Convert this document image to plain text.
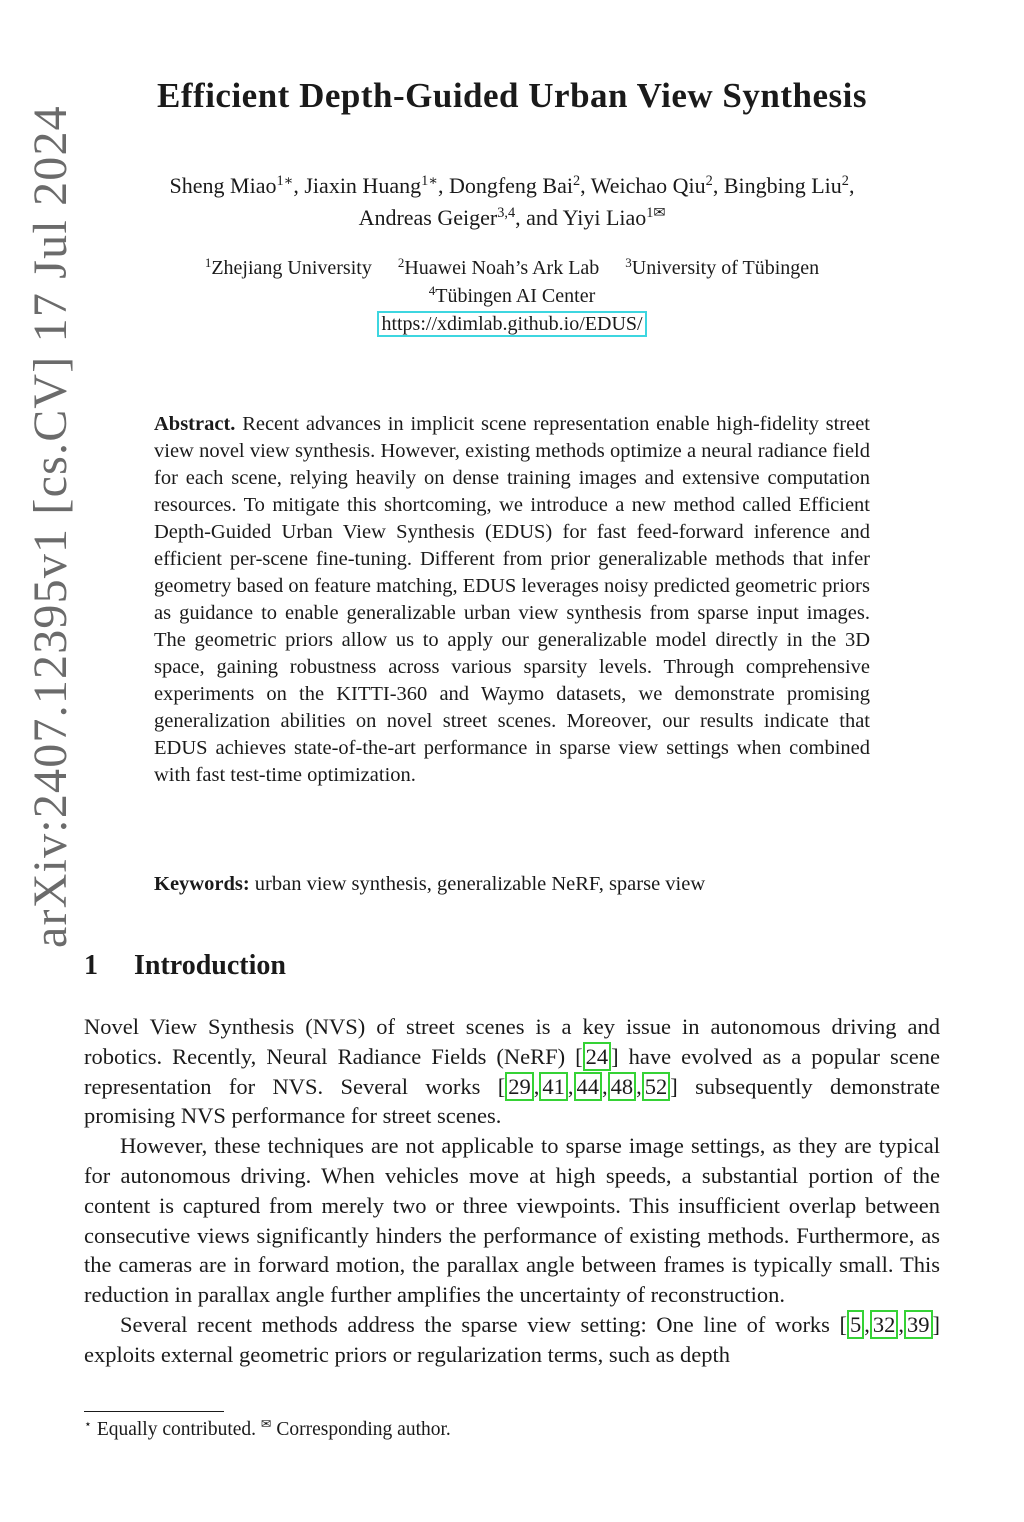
arXiv:2407.12395v1 [cs.CV] 17 Jul 2024
Efficient Depth-Guided Urban View Synthesis
Sheng Miao$^{1∗}$, Jiaxin Huang$^{1∗}$, Dongfeng Bai$^2$, Weichao Qiu$^2$, Bingbing Liu$^2$,
Andreas Geiger$^{3,4}$, and Yiyi Liao$^{1✉}$
$^1$Zhejiang University $^2$Huawei Noah’s Ark Lab $^3$University of Tübingen
$^4$Tübingen AI Center
https://xdimlab.github.io/EDUS/
Abstract. Recent advances in implicit scene representation enable high-fidelity street view novel view synthesis. However, existing methods optimize a neural radiance field for each scene, relying heavily on dense training images and extensive computation resources. To mitigate this shortcoming, we introduce a new method called Efficient Depth-Guided Urban View Synthesis (EDUS) for fast feed-forward inference and efficient per-scene fine-tuning. Different from prior generalizable methods that infer geometry based on feature matching, EDUS leverages noisy predicted geometric priors as guidance to enable generalizable urban view synthesis from sparse input images. The geometric priors allow us to apply our generalizable model directly in the 3D space, gaining robustness across various sparsity levels. Through comprehensive experiments on the KITTI-360 and Waymo datasets, we demonstrate promising generalization abilities on novel street scenes. Moreover, our results indicate that EDUS achieves state-of-the-art performance in sparse view settings when combined with fast test-time optimization.
Keywords: urban view synthesis, generalizable NeRF, sparse view
1 Introduction

Novel View Synthesis (NVS) of street scenes is a key issue in autonomous driving and robotics. Recently, Neural Radiance Fields (NeRF) [ 24 ] have evolved as a popular scene representation for NVS. Several works [ 29 , 41 , 44 , 48 , 52 ] subsequently demonstrate promising NVS performance for street scenes.

However, these techniques are not applicable to sparse image settings, as they are typical for autonomous driving. When vehicles move at high speeds, a substantial portion of the content is captured from merely two or three viewpoints. This insufficient overlap between consecutive views significantly hinders the performance of existing methods. Furthermore, as the cameras are in forward motion, the parallax angle between frames is typically small. This reduction in parallax angle further amplifies the uncertainty of reconstruction.

Several recent methods address the sparse view setting: One line of works [ 5 , 32 , 39 ] exploits external geometric priors or regularization terms, such as depth

⋆ Equally contributed. ✉ Corresponding author.
